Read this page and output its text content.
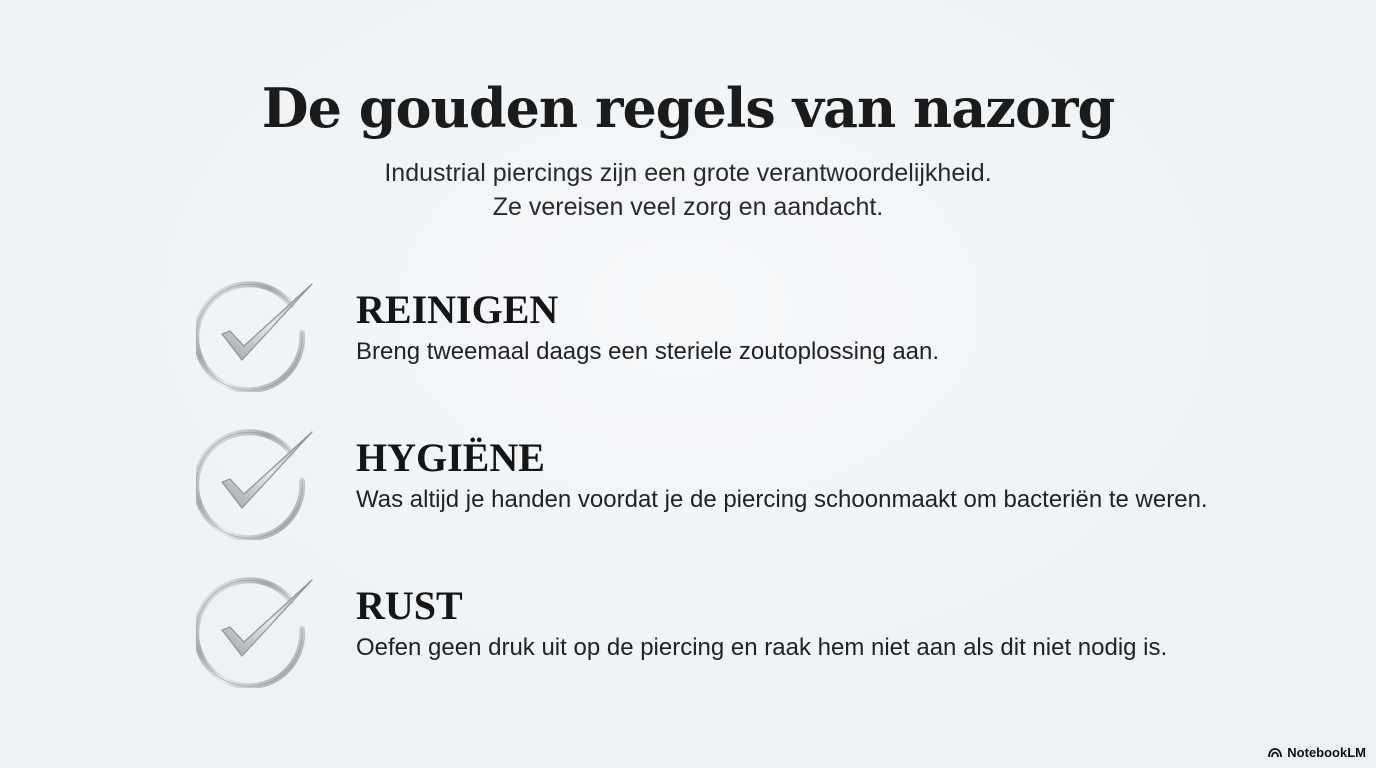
De gouden regels van nazorg
Industrial piercings zijn een grote verantwoordelijkheid.
Ze vereisen veel zorg en aandacht.
REINIGEN
Breng tweemaal daags een steriele zoutoplossing aan.
HYGIËNE
Was altijd je handen voordat je de piercing schoonmaakt om bacteriën te weren.
RUST
Oefen geen druk uit op de piercing en raak hem niet aan als dit niet nodig is.
NotebookLM
